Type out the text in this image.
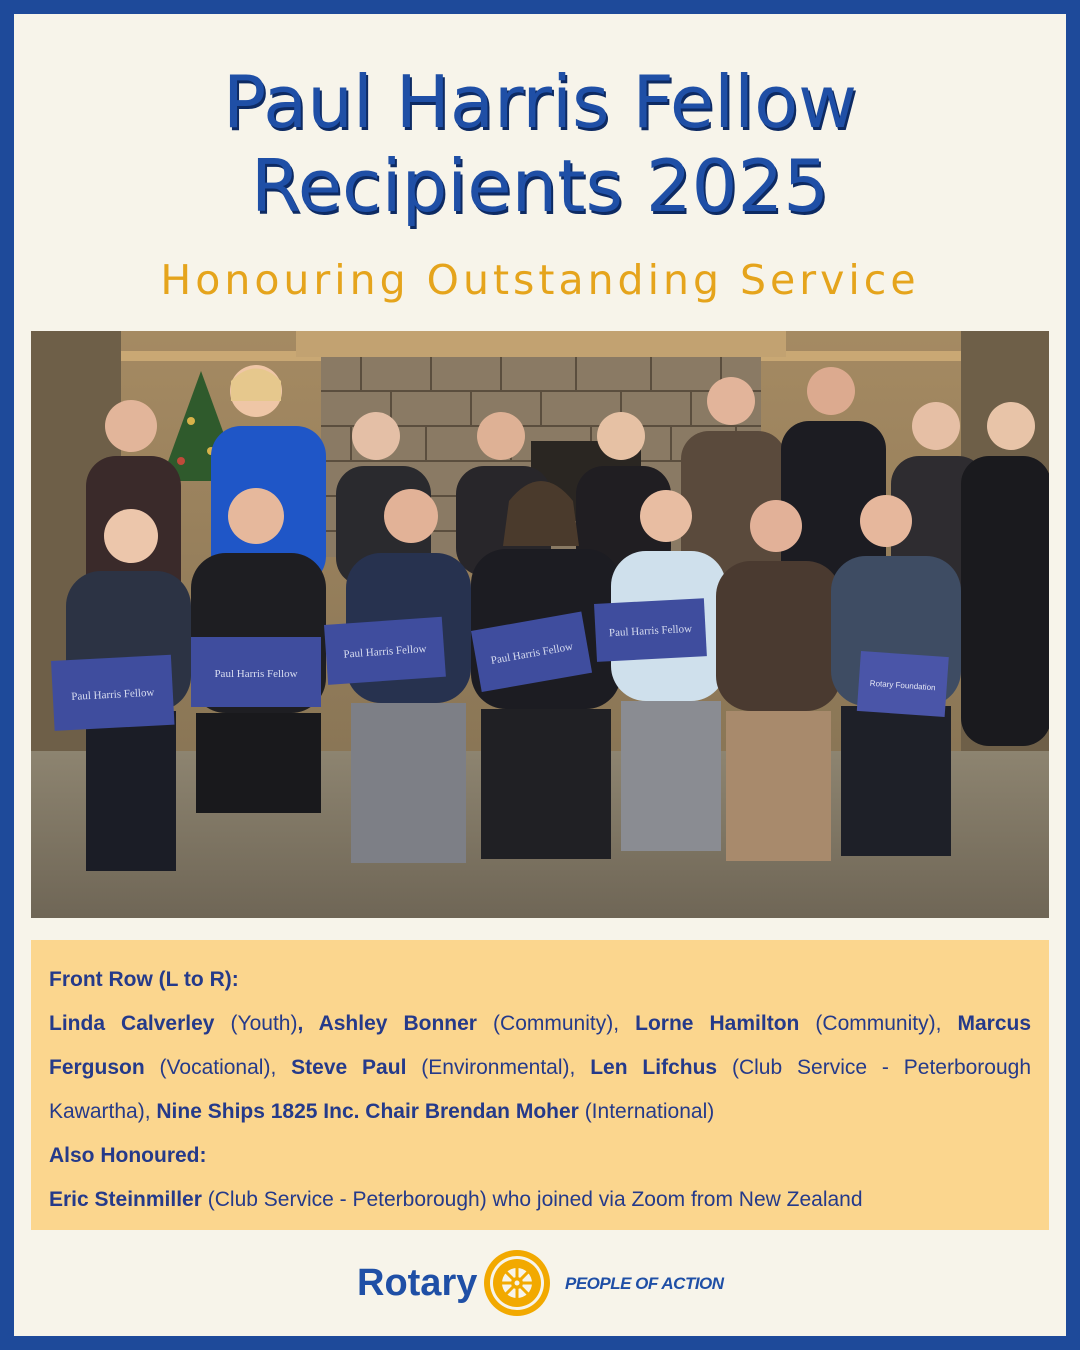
Paul Harris Fellow
Recipients 2025
Honouring Outstanding Service
Paul Harris Fellow
Paul Harris Fellow
Paul Harris Fellow	Paul Harris Fellow
Paul Harris Fellow
Rotary Foundation
Front Row (L to R):
Linda Calverley (Youth), Ashley Bonner (Community), Lorne Hamilton (Community), Marcus Ferguson (Vocational), Steve Paul (Environmental), Len Lifchus (Club Service - Peterborough Kawartha), Nine Ships 1825 Inc. Chair Brendan Moher (International)
Also Honoured:
Eric Steinmiller (Club Service - Peterborough) who joined via Zoom from New Zealand
Rotary	PEOPLE OF ACTION
